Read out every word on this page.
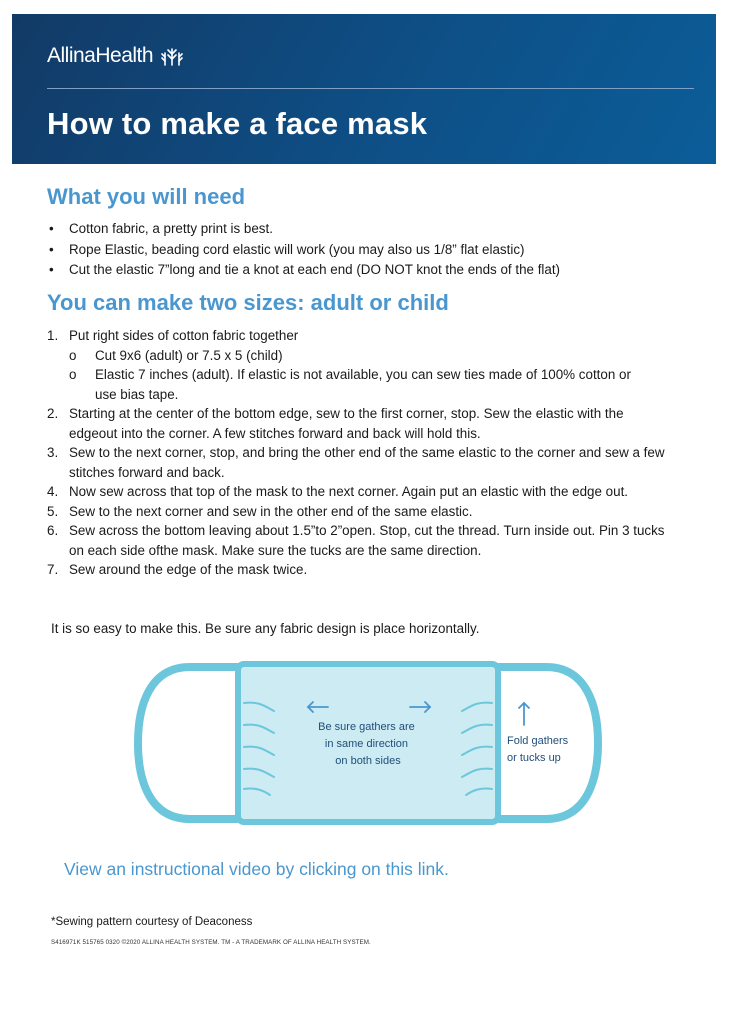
AllinaHealth
How to make a face mask
What you will need
• Cotton fabric, a pretty print is best.
• Rope Elastic, beading cord elastic will work (you may also us 1/8” flat elastic)
• Cut the elastic 7”long and tie a knot at each end (DO NOT knot the ends of the flat)
You can make two sizes: adult or child
1. Put right sides of cotton fabric together
o	Cut 9x6 (adult) or 7.5 x 5 (child)
o	Elastic 7 inches (adult). If elastic is not available, you can sew ties made of 100% cotton or use bias tape.
2. Starting at the center of the bottom edge, sew to the first corner, stop. Sew the elastic with the edgeout into the corner. A few stitches forward and back will hold this.
3. Sew to the next corner, stop, and bring the other end of the same elastic to the corner and sew a few stitches forward and back.
4. Now sew across that top of the mask to the next corner. Again put an elastic with the edge out.
5. Sew to the next corner and sew in the other end of the same elastic.
6. Sew across the bottom leaving about 1.5”to 2”open. Stop, cut the thread. Turn inside out. Pin 3 tucks on each side ofthe mask. Make sure the tucks are the same direction.
7. Sew around the edge of the mask twice.
It is so easy to make this. Be sure any fabric design is place horizontally.
Be sure gathers are in same direction on both sides
Fold gathers or tucks up
View an instructional video by clicking on this link.
*Sewing pattern courtesy of Deaconess
S416971K 515765 0320 ©2020 ALLINA HEALTH SYSTEM. TM - A TRADEMARK OF ALLINA HEALTH SYSTEM.
